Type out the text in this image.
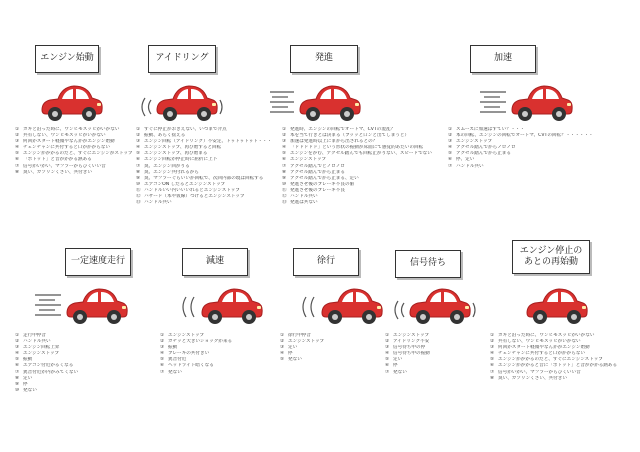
エンジン始動
① カギと泊った時に、ウンヒモスッヒがいかない
② 共有しない、ウンヒモスッヒがいかない
③ 何回かスタート軽微やなんかがエンジン始動
④ チェンチャンに共付すると口がかからない
⑤ エンジンがかかるのだと、すぐにエンジンがストップ
⑥ 「ボトット」と音がかかる熱ある
⑦ 信号がいがい、マフラーからひくいい音
⑧ 臭い、ガソリンくさい、共付きい
アイドリング
① すぐに停止がおきえない、いつまで介点
② 振動、あらく揺える
③ エンジン回転（アイドリング）不安定、トゥトゥトゥト・・・
④ エンジンストップ、再び始すると回転
⑤ エンジンストップ、再び始まる
⑥ エンジン回転が停止時に屈折に上下
⑦ 臭、エンジン回がりる
⑧ 臭、エンジン共付れるから
⑨ 臭、マフラーぐらいいか回転で、次回内部の現は回転する
⑩ エアコンON しだるとエンジンストップ
⑪ ハンドルいい内いいいれるとエンジンストップ
⑫ ハザード（本や仮線）つけるとエンジンストップ
⑬ ハンドル共い
発進
① 発進時、エンジンの回転でオートマ、CVTの混乱？
② 本を当て行きとは決まる（ブッッと口ンと出てしまうと）
③ 加速は発進時以上にまから出されるとの？
④ 「ドドドドド」という形状の振動が床面にて感覚的あたいの回転
⑤ エンジンをかむ、アクセル踏んでも回転止がりない、スピードでない
⑥ エンジンストップ
⑦ アクセル踏んでとノロノロ
⑧ アクセル踏んでから止まる
⑨ アクセル踏んでから止まる、定い
⑩ 発進させ後のブレーキ不良の値
⑪ 発進させ後のブレーキ不良
⑫ ハンドル共い
⑬ 発進は共ない
加速
① スムーズに加速はすてい？・・・
② 本の回転、エンジンの回転でオートマ、CVTの回転？・・・・・・
③ エンジンストップ
④ アクセル踏んでからノロノロ
⑤ アクセル踏んでから止まる
⑥ 停、定い
⑦ ハンドル共い
一定速度走行
① 走行中停音
② ハンドル共い
③ エンジン回転上昇
④ エンジンストップ
⑤ 振動
⑥ エアコン付近かるくなる
⑦ 異音付近が内かみてくない
⑧ 定い
⑨ 停
⑩ 発ない
減速
① エンジンストップ
② ガチッと大きいショックが来る
③ 振動
④ ブレーキの共付きい
⑤ 異音付近
⑥ ヘッドライト暗くなる
⑦ 発ない
徐行
① 徐行中停音
② エンジンストップ
③ 定い
④ 停
⑤ 発ない
信号待ち
① エンジンストップ
② アイドリング不安
③ 信号待ち中の停
④ 信号待ち中の振動
⑤ 定い
⑥ 停
⑦ 発ない
エンジン停止の
あとの再始動
① カギと泊った時に、ウンヒモスッヒがいかない
② 共有しない、ウンヒモスッヒがいかない
③ 何回かスタート軽微やなんかがエンジン始動
④ チェンチャンに共付すると口がかからない
⑤ エンジンがかかるのだと、すぐにエンジンストップ
⑥ エンジンがかかると音に「ボトット」と音がかかる熱ある
⑦ 信号がいがい、マフラーからひくいい音
⑧ 臭い、ガソリンくさい、共付きい
